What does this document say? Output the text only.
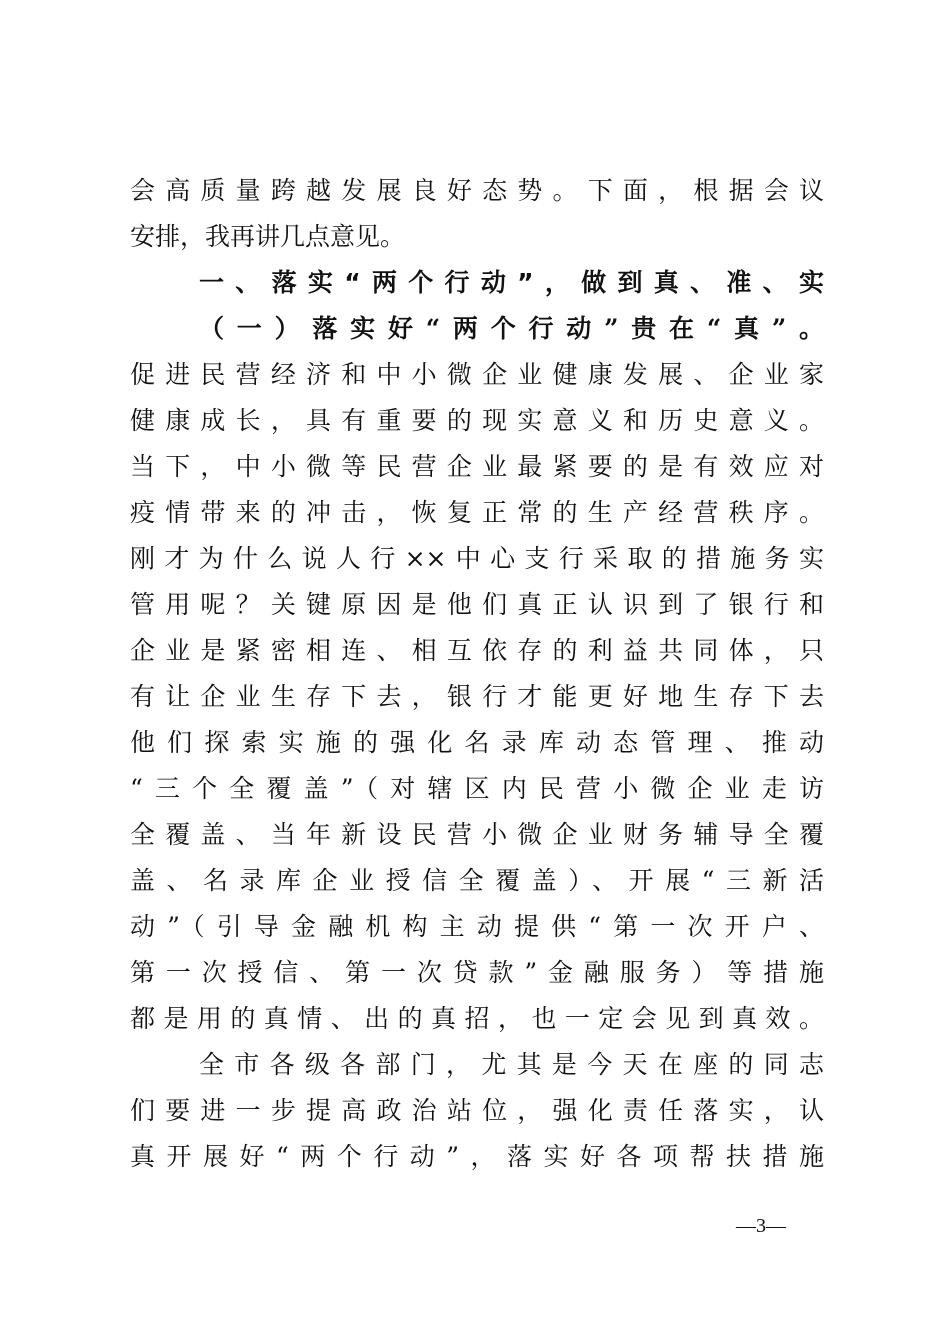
会高质量跨越发展良好态势。下面，根据会议
安排，我再讲几点意见。
一、落实“两个行动”，做到真、准、实
（一）落实好“两个行动”贵在“真”。
促进民营经济和中小微企业健康发展、企业家
健康成长，具有重要的现实意义和历史意义。
当下，中小微等民营企业最紧要的是有效应对
疫情带来的冲击，恢复正常的生产经营秩序。
刚才为什么说人行××中心支行采取的措施务实
管用呢？关键原因是他们真正认识到了银行和
企业是紧密相连、相互依存的利益共同体，只
有让企业生存下去，银行才能更好地生存下去
他们探索实施的强化名录库动态管理、推动
“三个全覆盖”（对辖区内民营小微企业走访
全覆盖、当年新设民营小微企业财务辅导全覆
盖、名录库企业授信全覆盖）、开展“三新活
动”（引导金融机构主动提供“第一次开户、
第一次授信、第一次贷款”金融服务）等措施
都是用的真情、出的真招，也一定会见到真效。
全市各级各部门，尤其是今天在座的同志
们要进一步提高政治站位，强化责任落实，认
真开展好“两个行动”，落实好各项帮扶措施
—3—
